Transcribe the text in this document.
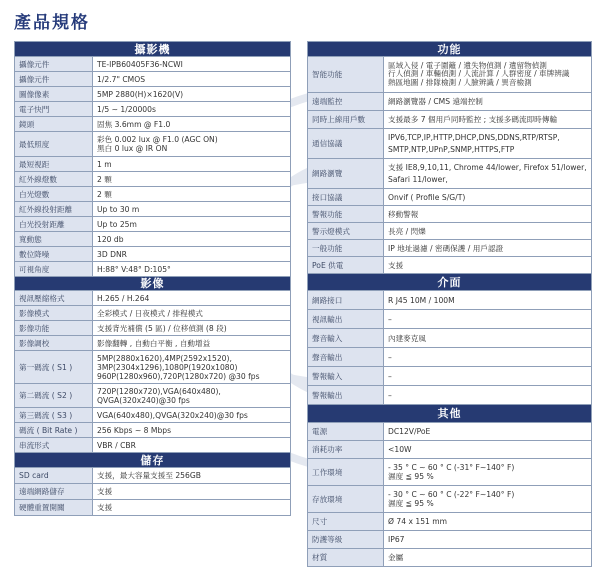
產品規格
攝影機	
攝像元件	TE-IPB60405F36-NCWI
攝像元件	1/2.7" CMOS
圖像像素	5MP 2880(H)×1620(V)
電子快門	1/5 ~ 1/20000s
鏡頭	固焦 3.6mm @ F1.0
最低照度	彩色 0.002 lux @ F1.0 (AGC ON)
黑白 0 lux @ IR ON
最短視距	1 m
紅外線燈數	2 顆
白光燈數	2 顆
紅外線投射距離	Up to 30 m
白光投射距離	Up to 25m
寬動態	120 db
數位降噪	3D DNR
可視角度	H:88° V:48° D:105°
影像	
視訊壓縮格式	H.265 / H.264
影像模式	全彩模式 / 日夜模式 / 排程模式
影像功能	支援背光補償 (5 區) / 位移偵測 (8 段)
影像調校	影像翻轉 , 自動白平衡 , 自動增益
第一碼流 ( S1 )	5MP(2880x1620),4MP(2592x1520),
3MP(2304x1296),1080P(1920x1080)
960P(1280x960),720P(1280x720) @30 fps
第二碼流 ( S2 )	720P(1280x720),VGA(640x480),
QVGA(320x240)@30 fps
第三碼流 ( S3 )	VGA(640x480),QVGA(320x240)@30 fps
碼流 ( Bit Rate )	256 Kbps ~ 8 Mbps
串流形式	VBR / CBR
儲存	
SD card	支援，最大容量支援至 256GB
遠端網路儲存	支援
硬體重置開關	支援
功能	
智能功能	區域入侵 / 電子圍籬 / 遺失物偵測 / 遺留物偵測
行人偵測 / 車輛偵測 / 人流計算 / 人群密度 / 車牌辨識
熱區地圖 / 排隊檢測 / 人臉辨識 / 異音檢測
遠端監控	網路瀏覽器 / CMS 遠端控制
同時上線用戶數	支援最多 7 個用戶同時監控 ; 支援多碼流即時傳輸
通信協議	IPV6,TCP,IP,HTTP,DHCP,DNS,DDNS,RTP/RTSP,
SMTP,NTP,UPnP,SNMP,HTTPS,FTP
網路瀏覽	支援 IE8,9,10,11, Chrome 44/lower, Firefox 51/lower,
Safari 11/lower,
接口協議	Onvif ( Profile S/G/T)
警報功能	移動警報
警示燈模式	長亮 / 閃爍
一般功能	IP 地址過濾 / 密碼保護 / 用戶認證
PoE 供電	支援
介面	
網路接口	R J45 10M / 100M
視訊輸出	–
聲音輸入	內建麥克風
聲音輸出	–
警報輸入	–
警報輸出	–
其他	
電源	DC12V/PoE
消耗功率	<10W
工作環境	- 35 ° C ~ 60 ° C (-31° F~140° F)
濕度 ≦ 95 %
存放環境	- 30 ° C ~ 60 ° C (-22° F~140° F)
濕度 ≦ 95 %
尺寸	Ø 74 x 151 mm
防護等級	IP67
材質	金屬
